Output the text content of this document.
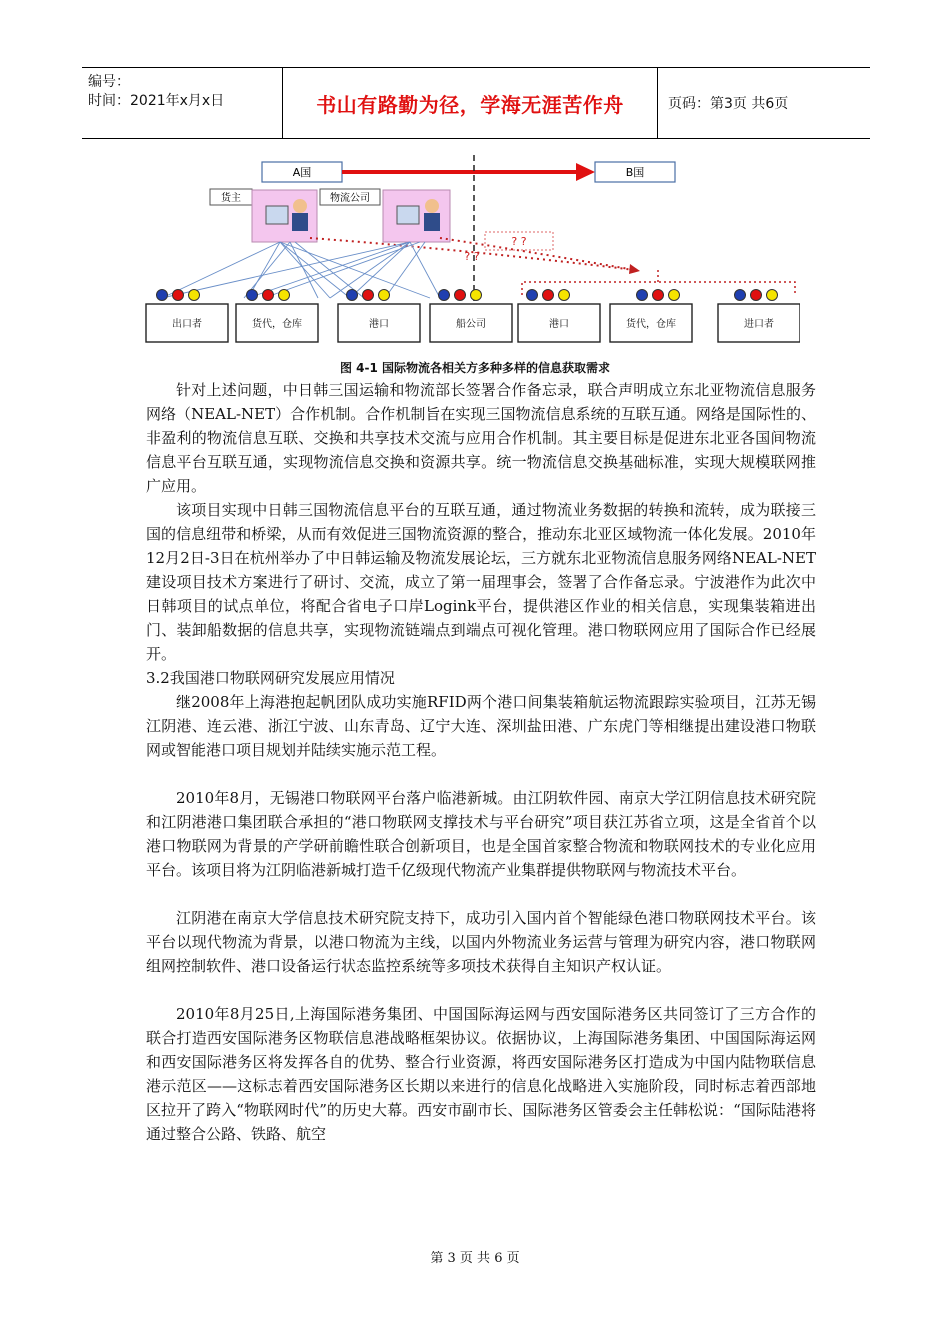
编号：
时间：2021年x月x日	书山有路勤为径，学海无涯苦作舟	页码：第3页 共6页
A国	B国
货主	物流公司
? ?
? ?
出口者	货代，仓库	港口	船公司	港口	货代，仓库	进口者
图 4-1 国际物流各相关方多种多样的信息获取需求

针对上述问题，中日韩三国运输和物流部长签署合作备忘录，联合声明成立东北亚物流信息服务网络（NEAL-NET）合作机制。合作机制旨在实现三国物流信息系统的互联互通。网络是国际性的、非盈利的物流信息互联、交换和共享技术交流与应用合作机制。其主要目标是促进东北亚各国间物流信息平台互联互通，实现物流信息交换和资源共享。统一物流信息交换基础标准，实现大规模联网推广应用。

该项目实现中日韩三国物流信息平台的互联互通，通过物流业务数据的转换和流转，成为联接三国的信息纽带和桥梁，从而有效促进三国物流资源的整合，推动东北亚区域物流一体化发展。2010年12月2日-3日在杭州举办了中日韩运输及物流发展论坛，三方就东北亚物流信息服务网络NEAL-NET建设项目技术方案进行了研讨、交流，成立了第一届理事会，签署了合作备忘录。宁波港作为此次中日韩项目的试点单位，将配合省电子口岸Logink平台，提供港区作业的相关信息，实现集装箱进出门、装卸船数据的信息共享，实现物流链端点到端点可视化管理。港口物联网应用了国际合作已经展开。

3.2我国港口物联网研究发展应用情况

继2008年上海港抱起帆团队成功实施RFID两个港口间集装箱航运物流跟踪实验项目，江苏无锡江阴港、连云港、浙江宁波、山东青岛、辽宁大连、深圳盐田港、广东虎门等相继提出建设港口物联网或智能港口项目规划并陆续实施示范工程。

2010年8月，无锡港口物联网平台落户临港新城。由江阴软件园、南京大学江阴信息技术研究院和江阴港港口集团联合承担的“港口物联网支撑技术与平台研究”项目获江苏省立项，这是全省首个以港口物联网为背景的产学研前瞻性联合创新项目，也是全国首家整合物流和物联网技术的专业化应用平台。该项目将为江阴临港新城打造千亿级现代物流产业集群提供物联网与物流技术平台。

江阴港在南京大学信息技术研究院支持下，成功引入国内首个智能绿色港口物联网技术平台。该平台以现代物流为背景，以港口物流为主线，以国内外物流业务运营与管理为研究内容，港口物联网组网控制软件、港口设备运行状态监控系统等多项技术获得自主知识产权认证。

2010年8月25日,上海国际港务集团、中国国际海运网与西安国际港务区共同签订了三方合作的联合打造西安国际港务区物联信息港战略框架协议。依据协议，上海国际港务集团、中国国际海运网和西安国际港务区将发挥各自的优势、整合行业资源，将西安国际港务区打造成为中国内陆物联信息港示范区——这标志着西安国际港务区长期以来进行的信息化战略进入实施阶段，同时标志着西部地区拉开了跨入“物联网时代”的历史大幕。西安市副市长、国际港务区管委会主任韩松说：“国际陆港将通过整合公路、铁路、航空

第 3 页 共 6 页
